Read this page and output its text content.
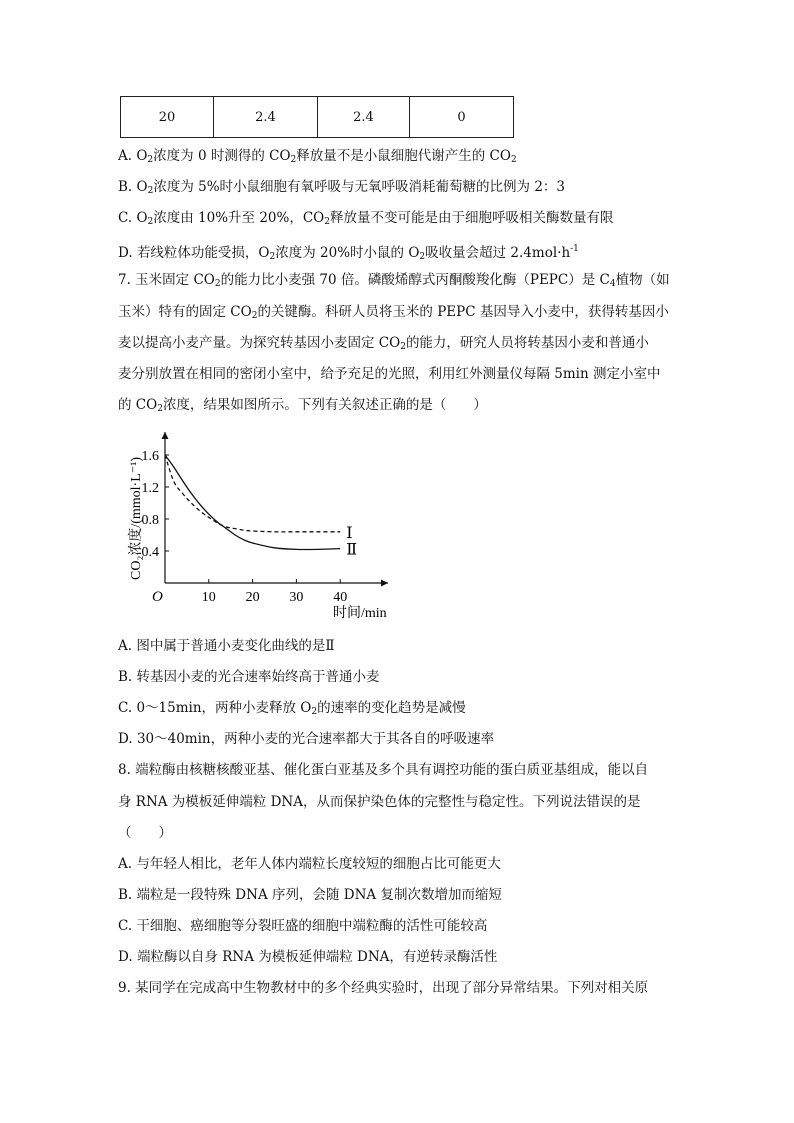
20	2.4	2.4	0
A. $O_2$浓度为 0 时测得的 $CO_2$释放量不是小鼠细胞代谢产生的 $CO_2$
B. $O_2$浓度为 5%时小鼠细胞有氧呼吸与无氧呼吸消耗葡萄糖的比例为 2：3
C. $O_2$浓度由 10%升至 20%，$CO_2$释放量不变可能是由于细胞呼吸相关酶数量有限
D. 若线粒体功能受损，$O_2$浓度为 20%时小鼠的 $O_2$吸收量会超过 $2.4mol\cdot h^{-1}$
7. 玉米固定 $CO_2$的能力比小麦强 70 倍。磷酸烯醇式丙酮酸羧化酶（PEPC）是 $C_4$植物（如
玉米）特有的固定 $CO_2$的关键酶。科研人员将玉米的 PEPC 基因导入小麦中，获得转基因小
麦以提高小麦产量。为探究转基因小麦固定 $CO_2$的能力，研究人员将转基因小麦和普通小
麦分别放置在相同的密闭小室中，给予充足的光照，利用红外测量仪每隔 5min 测定小室中
的 $CO_2$浓度，结果如图所示。下列有关叙述正确的是（　　）
0.4
0.8
1.2
1.6
10 20 30 40
Ⅰ
Ⅱ
O
时间/min
CO₂浓度/(mmol·L⁻¹)
A. 图中属于普通小麦变化曲线的是Ⅱ
B. 转基因小麦的光合速率始终高于普通小麦
C. 0～15min，两种小麦释放 $O_2$的速率的变化趋势是减慢
D. 30～40min，两种小麦的光合速率都大于其各自的呼吸速率
8. 端粒酶由核糖核酸亚基、催化蛋白亚基及多个具有调控功能的蛋白质亚基组成，能以自
身 RNA 为模板延伸端粒 DNA，从而保护染色体的完整性与稳定性。下列说法错误的是
（　　）
A. 与年轻人相比，老年人体内端粒长度较短的细胞占比可能更大
B. 端粒是一段特殊 DNA 序列，会随 DNA 复制次数增加而缩短
C. 干细胞、癌细胞等分裂旺盛的细胞中端粒酶的活性可能较高
D. 端粒酶以自身 RNA 为模板延伸端粒 DNA，有逆转录酶活性
9. 某同学在完成高中生物教材中的多个经典实验时，出现了部分异常结果。下列对相关原
